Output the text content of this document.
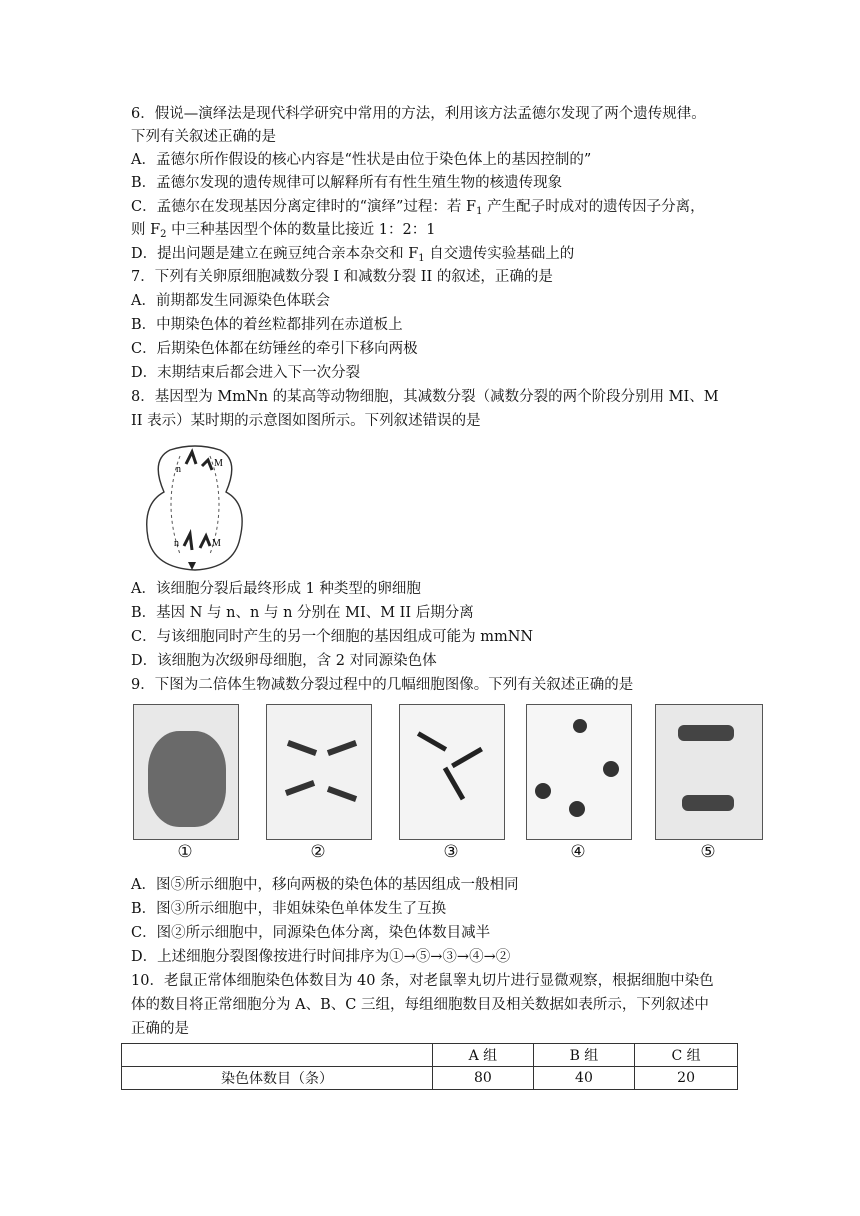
6．假说—演绎法是现代科学研究中常用的方法，利用该方法孟德尔发现了两个遗传规律。
下列有关叙述正确的是
A．孟德尔所作假设的核心内容是“性状是由位于染色体上的基因控制的”
B．孟德尔发现的遗传规律可以解释所有有性生殖生物的核遗传现象
C．孟德尔在发现基因分离定律时的“演绎”过程：若 $F_1$ 产生配子时成对的遗传因子分离，
则 $F_2$ 中三种基因型个体的数量比接近 1：2：1
D．提出问题是建立在豌豆纯合亲本杂交和 $F_1$ 自交遗传实验基础上的
7．下列有关卵原细胞减数分裂 I 和减数分裂 II 的叙述，正确的是
A．前期都发生同源染色体联会
B．中期染色体的着丝粒都排列在赤道板上
C．后期染色体都在纺锤丝的牵引下移向两极
D．末期结束后都会进入下一次分裂
8．基因型为 MmNn 的某高等动物细胞，其减数分裂（减数分裂的两个阶段分别用 MI、M
II 表示）某时期的示意图如图所示。下列叙述错误的是
n
M
n	M
A．该细胞分裂后最终形成 1 种类型的卵细胞
B．基因 N 与 n、n 与 n 分别在 MI、M II 后期分离
C．与该细胞同时产生的另一个细胞的基因组成可能为 mmNN
D．该细胞为次级卵母细胞，含 2 对同源染色体
9．下图为二倍体生物减数分裂过程中的几幅细胞图像。下列有关叙述正确的是
①	②	③	④	⑤
A．图⑤所示细胞中，移向两极的染色体的基因组成一般相同
B．图③所示细胞中，非姐妹染色单体发生了互换
C．图②所示细胞中，同源染色体分离，染色体数目减半
D．上述细胞分裂图像按进行时间排序为①→⑤→③→④→②
10．老鼠正常体细胞染色体数目为 40 条，对老鼠睾丸切片进行显微观察，根据细胞中染色
体的数目将正常细胞分为 A、B、C 三组，每组细胞数目及相关数据如表所示，下列叙述中
正确的是
	A 组	B 组	C 组
染色体数目（条）	80	40	20
